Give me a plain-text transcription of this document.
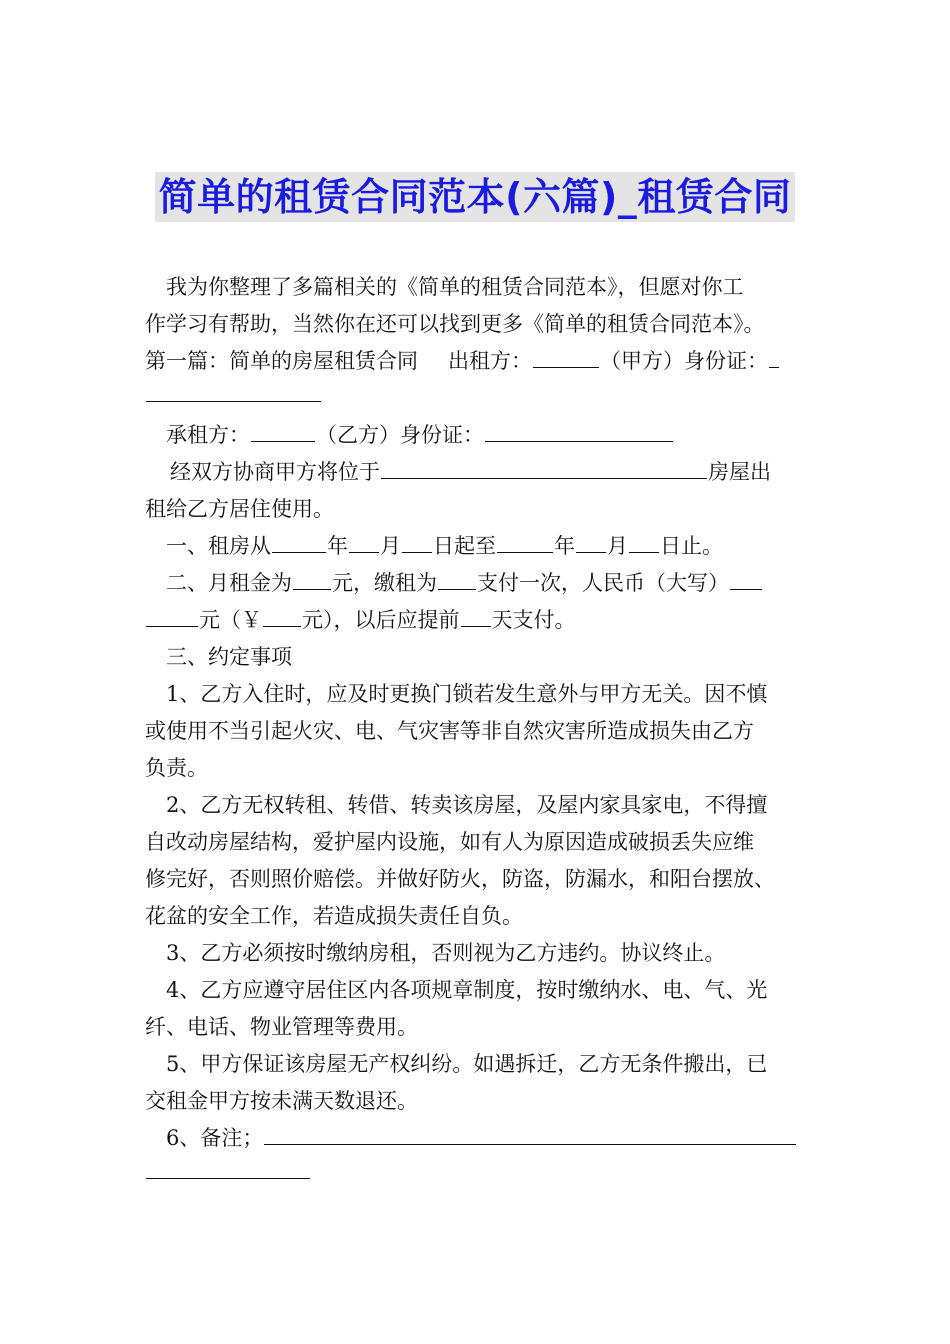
简单的租赁合同范本(六篇)_租赁合同
我为你整理了多篇相关的《简单的租赁合同范本》，但愿对你工
作学习有帮助，当然你在还可以找到更多《简单的租赁合同范本》。
第一篇：简单的房屋租赁合同 出租方：	（甲方）身份证：
承租方：	（乙方）身份证：
经双方协商甲方将位于	房屋出
租给乙方居住使用。
一、租房从	年 月 日起至	年 月 日止。
二、月租金为 元，缴租为 支付一次，人民币（大写）
元（￥ 元），以后应提前 天支付。
三、约定事项
1、乙方入住时，应及时更换门锁若发生意外与甲方无关。因不慎
或使用不当引起火灾、电、气灾害等非自然灾害所造成损失由乙方
负责。
2、乙方无权转租、转借、转卖该房屋，及屋内家具家电，不得擅
自改动房屋结构，爱护屋内设施，如有人为原因造成破损丢失应维
修完好，否则照价赔偿。并做好防火，防盗，防漏水，和阳台摆放、
花盆的安全工作，若造成损失责任自负。
3、乙方必须按时缴纳房租，否则视为乙方违约。协议终止。
4、乙方应遵守居住区内各项规章制度，按时缴纳水、电、气、光
纤、电话、物业管理等费用。
5、甲方保证该房屋无产权纠纷。如遇拆迁，乙方无条件搬出，已
交租金甲方按未满天数退还。
6、备注；
